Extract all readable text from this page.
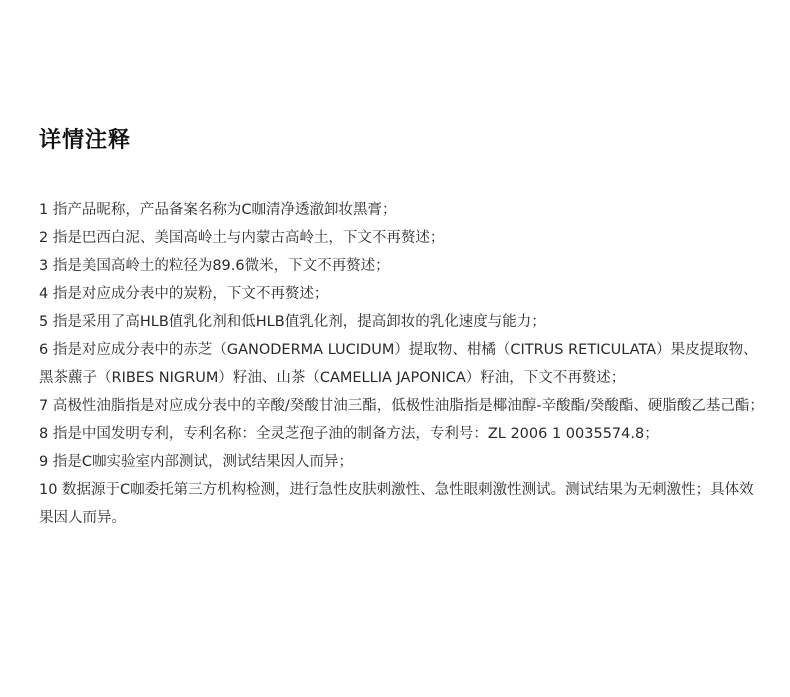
详情注释
1 指产品昵称，产品备案名称为C咖清净透澈卸妆黑膏；
2 指是巴西白泥、美国高岭土与内蒙古高岭土，下文不再赘述；
3 指是美国高岭土的粒径为89.6微米，下文不再赘述；
4 指是对应成分表中的炭粉，下文不再赘述；
5 指是采用了高HLB值乳化剂和低HLB值乳化剂，提高卸妆的乳化速度与能力；
6 指是对应成分表中的赤芝（GANODERMA LUCIDUM）提取物、柑橘（CITRUS RETICULATA）果皮提取物、黑茶藨子（RIBES NIGRUM）籽油、山茶（CAMELLIA JAPONICA）籽油，下文不再赘述；
7 高极性油脂指是对应成分表中的辛酸/癸酸甘油三酯，低极性油脂指是椰油醇-辛酸酯/癸酸酯、硬脂酸乙基己酯；
8 指是中国发明专利，专利名称：全灵芝孢子油的制备方法，专利号：ZL 2006 1 0035574.8；
9 指是C咖实验室内部测试，测试结果因人而异；
10 数据源于C咖委托第三方机构检测，进行急性皮肤刺激性、急性眼刺激性测试。测试结果为无刺激性；具体效果因人而异。
